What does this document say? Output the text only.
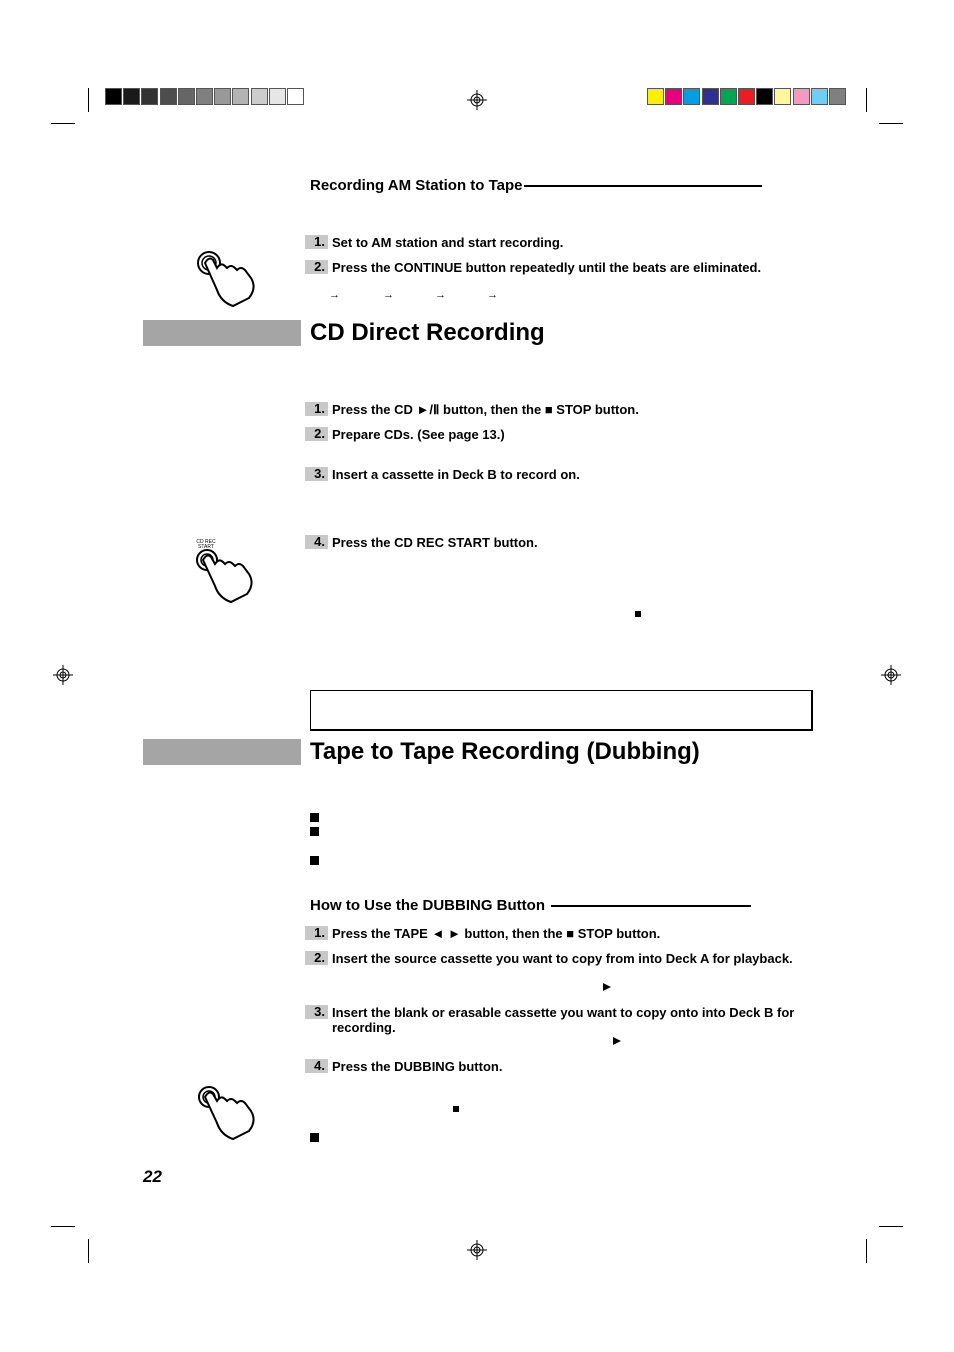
Recording AM Station to Tape
1. Set to AM station and start recording.
2. Press the CONTINUE button repeatedly until the beats are eliminated.
→	→	→	→
CD Direct Recording
1. Press the CD ►/Ⅱ button, then the ■ STOP button.
2. Prepare CDs. (See page 13.)
3. Insert a cassette in Deck B to record on.
CD REC
START	4. Press the CD REC START button.
Tape to Tape Recording (Dubbing)
How to Use the DUBBING Button
1. Press the TAPE ◄ ► button, then the ■ STOP button.
2. Insert the source cassette you want to copy from into Deck A for playback.
3. Insert the blank or erasable cassette you want to copy onto into Deck B for recording.
4. Press the DUBBING button.
22
